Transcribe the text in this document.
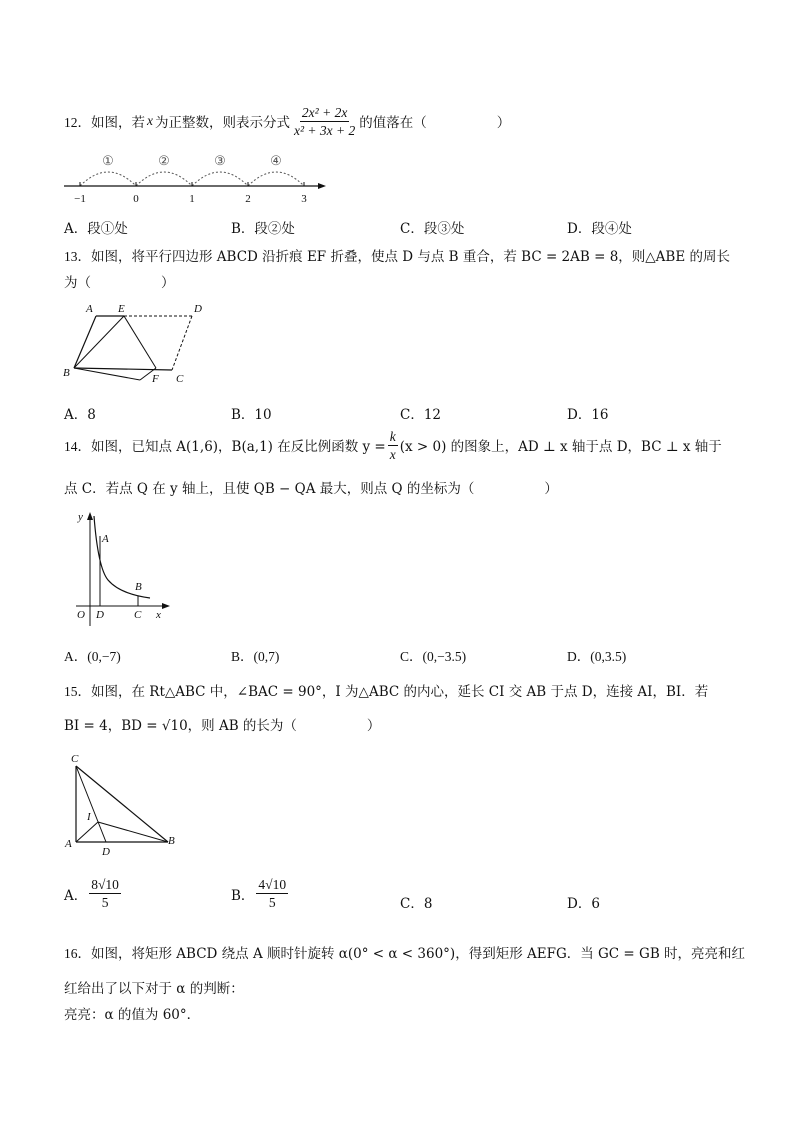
12． 如图，若 x 为正整数，则表示分式 $\frac{\text{2x² + 2x}}{\text{x² + 3x + 2}}$ 的值落在（	）
①	②	③	④
−1	0	1	2	3
A．段①处	B．段②处	C．段③处	D．段④处
13．如图，将平行四边形 ABCD 沿折痕 EF 折叠，使点 D 与点 B 重合，若 BC = 2AB = 8，则△ABE 的周长
为（	）
A E	D
B	F C
A．8	B．10	C．12	D．16
14． 如图，已知点 A(1,6)，B(a,1) 在反比例函数 $y = \frac{k}{x} (x > 0)$ 的图象上，AD ⊥ x 轴于点 D，BC ⊥ x 轴于
点 C．若点 Q 在 y 轴上，且使 QB − QA 最大，则点 Q 的坐标为（	）
y
A
B
O D	C x
A．(0,−7)	B．(0,7)	C．(0,−3.5)	D．(0,3.5)
15．如图，在 Rt△ABC 中，∠BAC = 90°，I 为△ABC 的内心，延长 CI 交 AB 于点 D，连接 AI，BI．若
BI = 4，BD = √10，则 AB 的长为（	）
C
I
A
D
B
A． $\frac{8√10}{5}$	B． $\frac{4√10}{5}$	C．8	D．6
16．如图，将矩形 ABCD 绕点 A 顺时针旋转 α(0° < α < 360°)，得到矩形 AEFG．当 GC = GB 时，亮亮和红
红给出了以下对于 α 的判断：
亮亮：α 的值为 60°．
